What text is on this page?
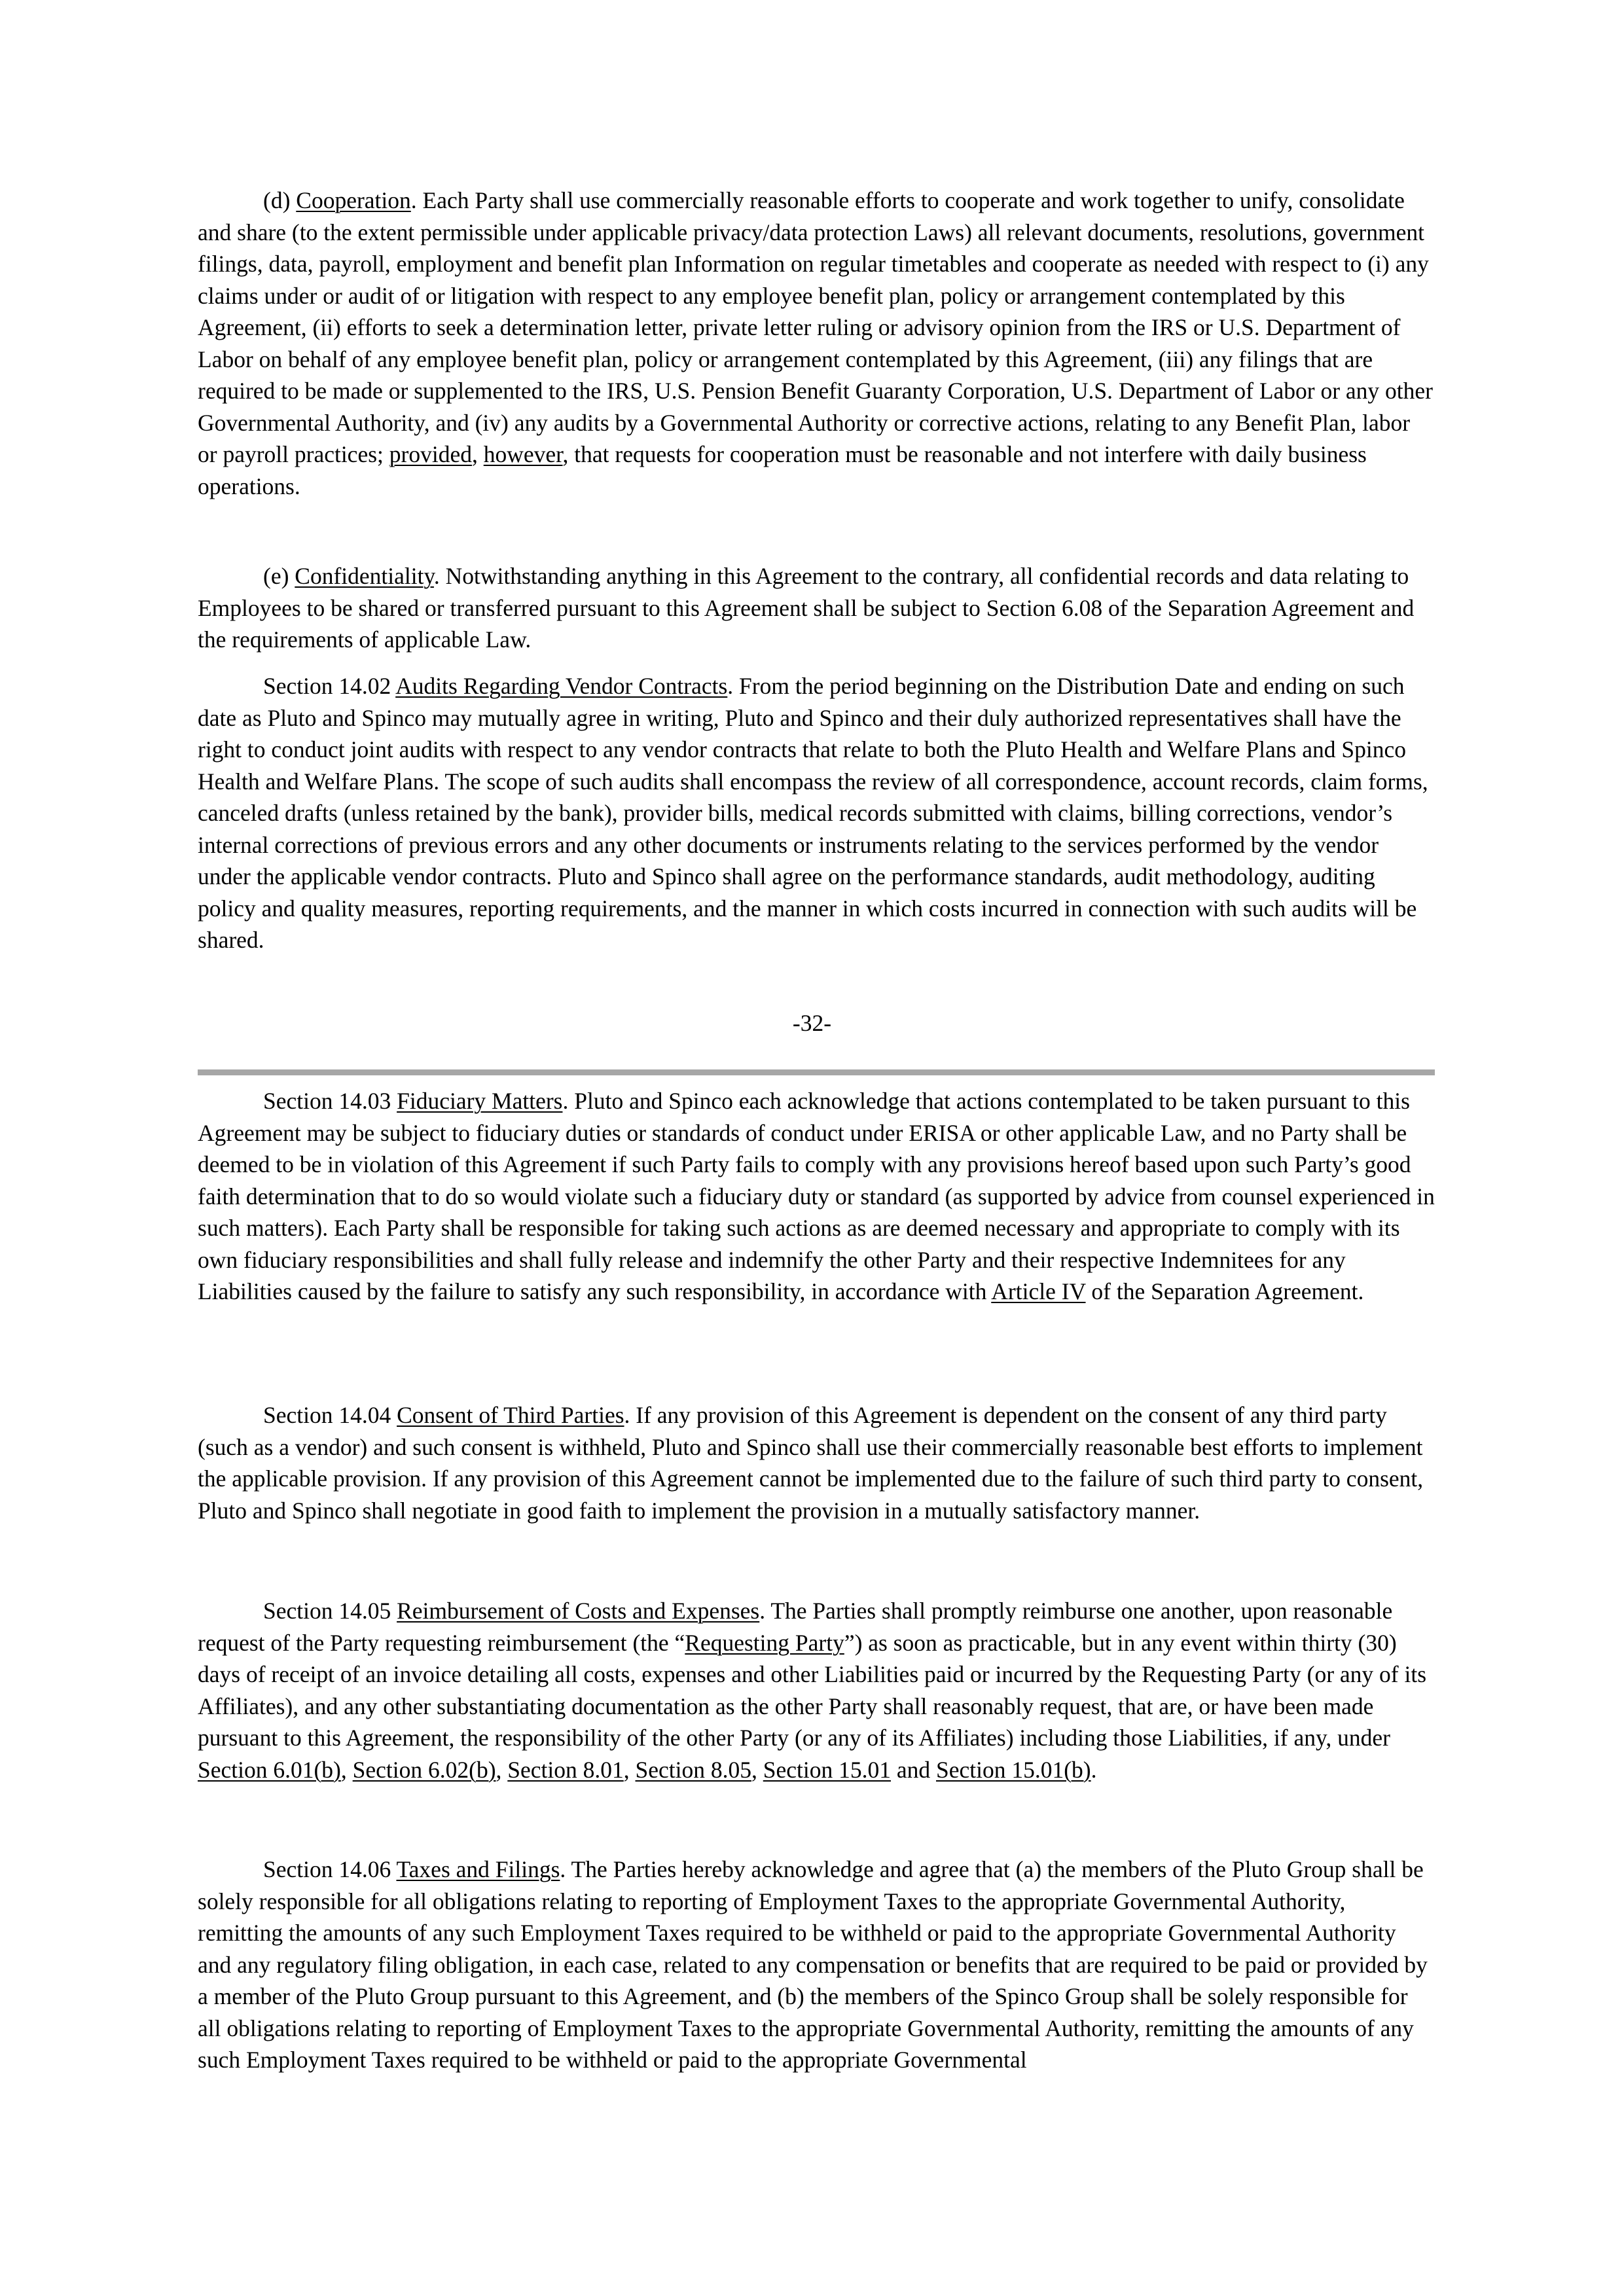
(d) Cooperation. Each Party shall use commercially reasonable efforts to cooperate and work together to unify, consolidate and share (to the extent permissible under applicable privacy/data protection Laws) all relevant documents, resolutions, government filings, data, payroll, employment and benefit plan Information on regular timetables and cooperate as needed with respect to (i) any claims under or audit of or litigation with respect to any employee benefit plan, policy or arrangement contemplated by this Agreement, (ii) efforts to seek a determination letter, private letter ruling or advisory opinion from the IRS or U.S. Department of Labor on behalf of any employee benefit plan, policy or arrangement contemplated by this Agreement, (iii) any filings that are required to be made or supplemented to the IRS, U.S. Pension Benefit Guaranty Corporation, U.S. Department of Labor or any other Governmental Authority, and (iv) any audits by a Governmental Authority or corrective actions, relating to any Benefit Plan, labor or payroll practices; provided, however, that requests for cooperation must be reasonable and not interfere with daily business operations.

(e) Confidentiality. Notwithstanding anything in this Agreement to the contrary, all confidential records and data relating to Employees to be shared or transferred pursuant to this Agreement shall be subject to Section 6.08 of the Separation Agreement and the requirements of applicable Law.

Section 14.02 Audits Regarding Vendor Contracts. From the period beginning on the Distribution Date and ending on such date as Pluto and Spinco may mutually agree in writing, Pluto and Spinco and their duly authorized representatives shall have the right to conduct joint audits with respect to any vendor contracts that relate to both the Pluto Health and Welfare Plans and Spinco Health and Welfare Plans. The scope of such audits shall encompass the review of all correspondence, account records, claim forms, canceled drafts (unless retained by the bank), provider bills, medical records submitted with claims, billing corrections, vendor’s internal corrections of previous errors and any other documents or instruments relating to the services performed by the vendor under the applicable vendor contracts. Pluto and Spinco shall agree on the performance standards, audit methodology, auditing policy and quality measures, reporting requirements, and the manner in which costs incurred in connection with such audits will be shared.

-32-

Section 14.03 Fiduciary Matters. Pluto and Spinco each acknowledge that actions contemplated to be taken pursuant to this Agreement may be subject to fiduciary duties or standards of conduct under ERISA or other applicable Law, and no Party shall be deemed to be in violation of this Agreement if such Party fails to comply with any provisions hereof based upon such Party’s good faith determination that to do so would violate such a fiduciary duty or standard (as supported by advice from counsel experienced in such matters). Each Party shall be responsible for taking such actions as are deemed necessary and appropriate to comply with its own fiduciary responsibilities and shall fully release and indemnify the other Party and their respective Indemnitees for any Liabilities caused by the failure to satisfy any such responsibility, in accordance with Article IV of the Separation Agreement.

Section 14.04 Consent of Third Parties. If any provision of this Agreement is dependent on the consent of any third party (such as a vendor) and such consent is withheld, Pluto and Spinco shall use their commercially reasonable best efforts to implement the applicable provision. If any provision of this Agreement cannot be implemented due to the failure of such third party to consent, Pluto and Spinco shall negotiate in good faith to implement the provision in a mutually satisfactory manner.

Section 14.05 Reimbursement of Costs and Expenses. The Parties shall promptly reimburse one another, upon reasonable request of the Party requesting reimbursement (the “Requesting Party”) as soon as practicable, but in any event within thirty (30) days of receipt of an invoice detailing all costs, expenses and other Liabilities paid or incurred by the Requesting Party (or any of its Affiliates), and any other substantiating documentation as the other Party shall reasonably request, that are, or have been made pursuant to this Agreement, the responsibility of the other Party (or any of its Affiliates) including those Liabilities, if any, under Section 6.01(b), Section 6.02(b), Section 8.01, Section 8.05, Section 15.01 and Section 15.01(b).

Section 14.06 Taxes and Filings. The Parties hereby acknowledge and agree that (a) the members of the Pluto Group shall be solely responsible for all obligations relating to reporting of Employment Taxes to the appropriate Governmental Authority, remitting the amounts of any such Employment Taxes required to be withheld or paid to the appropriate Governmental Authority and any regulatory filing obligation, in each case, related to any compensation or benefits that are required to be paid or provided by a member of the Pluto Group pursuant to this Agreement, and (b) the members of the Spinco Group shall be solely responsible for all obligations relating to reporting of Employment Taxes to the appropriate Governmental Authority, remitting the amounts of any such Employment Taxes required to be withheld or paid to the appropriate Governmental
